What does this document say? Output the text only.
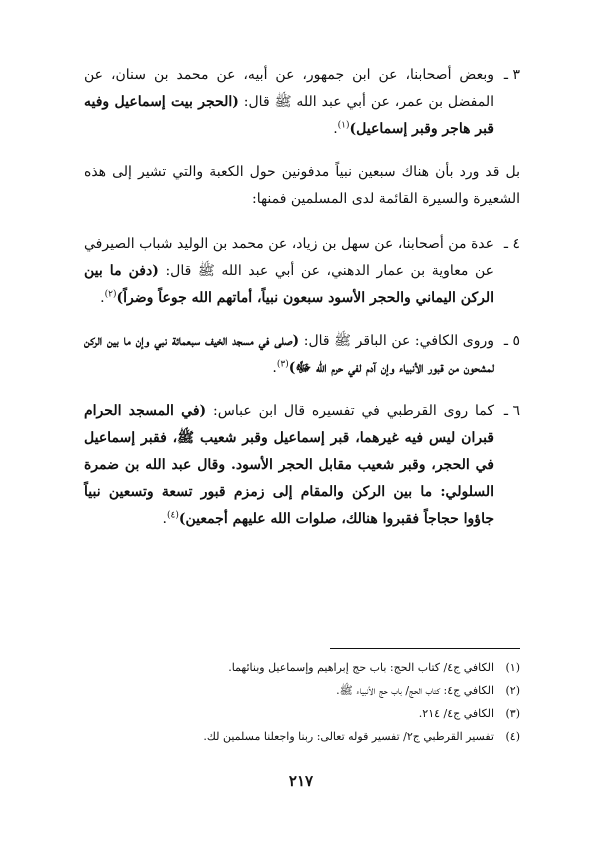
٣ ـ
وبعض أصحابنا، عن ابن جمهور، عن أبيه، عن محمد بن سنان، عن المفضل بن عمر، عن أبي عبد الله ﷺ قال: (الحجر بيت إسماعيل وفيه قبر هاجر وقبر إسماعيل)$^{(١)}$.

بل قد ورد بأن هناك سبعين نبياً مدفونين حول الكعبة والتي تشير إلى هذه الشعيرة والسيرة القائمة لدى المسلمين فمنها:

٤ ـ
عدة من أصحابنا، عن سهل بن زياد، عن محمد بن الوليد شباب الصيرفي عن معاوية بن عمار الدهني، عن أبي عبد الله ﷺ قال: (دفن ما بين الركن اليماني والحجر الأسود سبعون نبياً، أماتهم الله جوعاً وضراً)$^{(٢)}$.
٥ ـ
وروى الكافي: عن الباقر ﷺ قال: (صلى في مسجد الخيف سبعمائة نبي وإن ما بين الركن لمشحون من قبور الأنبياء وإن آدم لفي حرم الله ﷻ)$^{(٣)}$.
٦ ـ
كما روى القرطبي في تفسيره قال ابن عباس: (في المسجد الحرام قبران ليس فيه غيرهما، قبر إسماعيل وقبر شعيب ﷺ، فقبر إسماعيل في الحجر، وقبر شعيب مقابل الحجر الأسود. وقال عبد الله بن ضمرة السلولي: ما بين الركن والمقام إلى زمزم قبور تسعة وتسعين نبياً جاؤوا حجاجاً فقبروا هنالك، صلوات الله عليهم أجمعين)$^{(٤)}$.
(١)
الكافي ج٤/ كتاب الحج: باب حج إبراهيم وإسماعيل وبنائهما.
(٢)
الكافي ج٤: كتاب الحج/ باب حج الأنبياء ﷺ.
(٣)
الكافي ج٤/ ٢١٤.
(٤)
تفسير القرطبي ج٢/ تفسير قوله تعالى: ربنا واجعلنا مسلمين لك.
٢١٧
